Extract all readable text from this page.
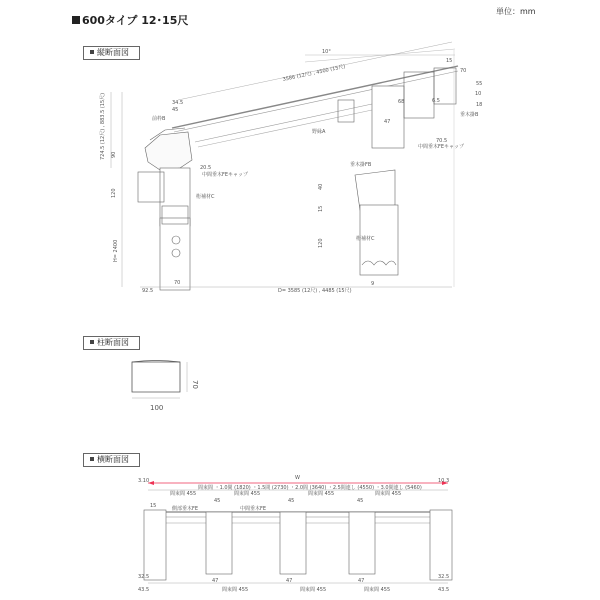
600タイプ 12･15尺
単位：mm
縦断面図
柱断面図
横断面図
10°
3586 (12尺) , 4500 (15尺)
724.5 (12尺) , 883.5 (15尺)
H= 2400
D= 3585 (12尺) , 4485 (15尺)
前枠B
野縁A
桁補材C
桁補材C
中間垂木FEキャップ
中間垂木FEキャップ
垂木掛FB
垂木掛B
34.5
45
15
70
55
68	6.5
70.5
47
92.5
70
120
90
20.5
40
15
120
9
10
18
100
70
W
間束間 ・1.0間 (1820) ・1.5間 (2730) ・2.0間 (3640) ・2.5間連し (4550) ・3.0間連し (5460)
間束間 455	間束間 455	間束間 455	間束間 455
中間垂木FE
側部垂木FE
3.10	10.3
45	45	45
15
47	47	47
32.5	32.5
43.5	43.5
間束間 455	間束間 455	間束間 455
